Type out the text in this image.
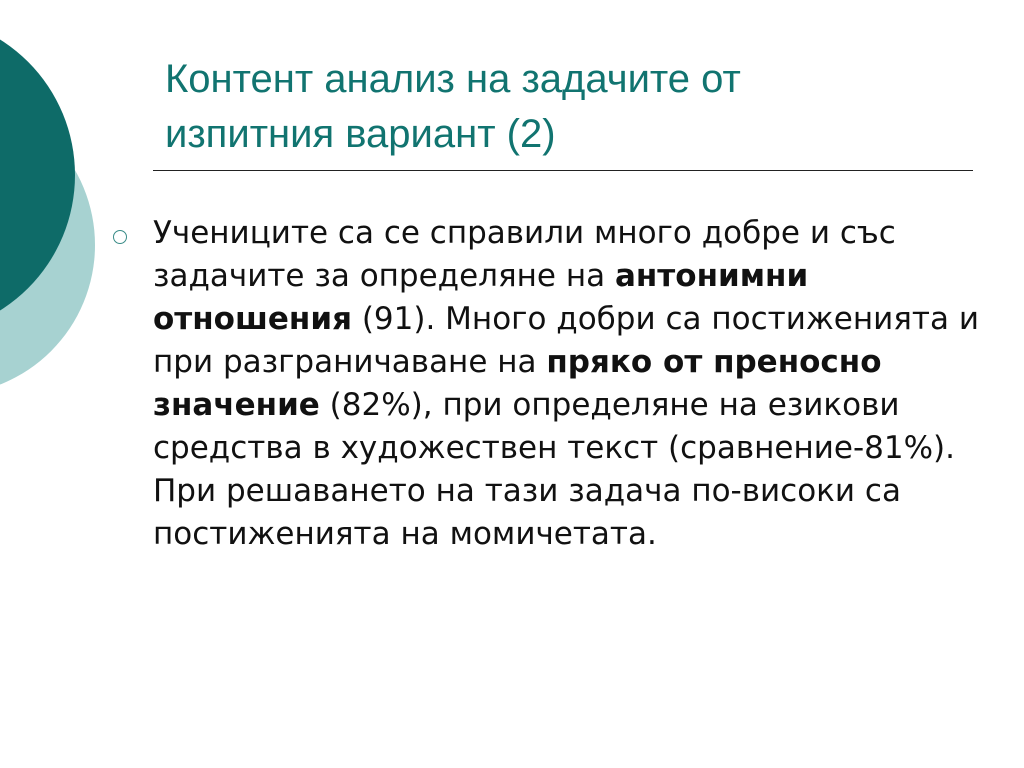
Контент анализ на задачите от
изпитния вариант (2)

Учениците са се справили много добре и със задачите за определяне на антонимни отношения (91). Много добри са постиженията и при разграничаване на пряко от преносно значение (82%), при определяне на езикови средства в художествен текст (сравнение-81%). При решаването на тази задача по-високи са постиженията на момичетата.
